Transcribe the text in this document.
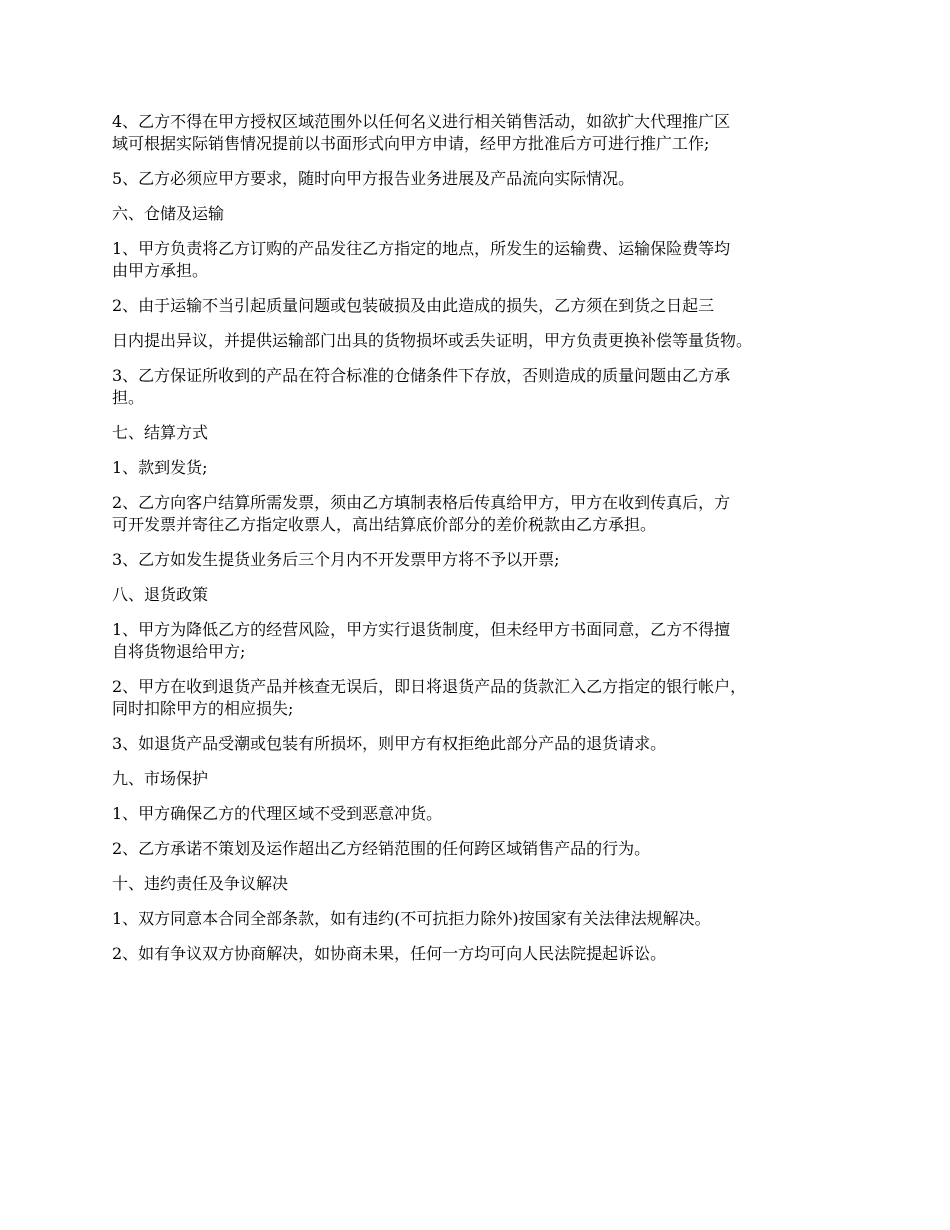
4、乙方不得在甲方授权区域范围外以任何名义进行相关销售活动，如欲扩大代理推广区

域可根据实际销售情况提前以书面形式向甲方申请，经甲方批准后方可进行推广工作;

5、乙方必须应甲方要求，随时向甲方报告业务进展及产品流向实际情况。

六、仓储及运输

1、甲方负责将乙方订购的产品发往乙方指定的地点，所发生的运输费、运输保险费等均

由甲方承担。

2、由于运输不当引起质量问题或包装破损及由此造成的损失，乙方须在到货之日起三

日内提出异议，并提供运输部门出具的货物损坏或丢失证明，甲方负责更换补偿等量货物。

3、乙方保证所收到的产品在符合标准的仓储条件下存放，否则造成的质量问题由乙方承

担。

七、结算方式

1、款到发货;

2、乙方向客户结算所需发票，须由乙方填制表格后传真给甲方，甲方在收到传真后，方

可开发票并寄往乙方指定收票人，高出结算底价部分的差价税款由乙方承担。

3、乙方如发生提货业务后三个月内不开发票甲方将不予以开票;

八、退货政策

1、甲方为降低乙方的经营风险，甲方实行退货制度，但未经甲方书面同意，乙方不得擅

自将货物退给甲方;

2、甲方在收到退货产品并核查无误后，即日将退货产品的货款汇入乙方指定的银行帐户，

同时扣除甲方的相应损失;

3、如退货产品受潮或包装有所损坏，则甲方有权拒绝此部分产品的退货请求。

九、市场保护

1、甲方确保乙方的代理区域不受到恶意冲货。

2、乙方承诺不策划及运作超出乙方经销范围的任何跨区域销售产品的行为。

十、违约责任及争议解决

1、双方同意本合同全部条款，如有违约(不可抗拒力除外)按国家有关法律法规解决。

2、如有争议双方协商解决，如协商未果，任何一方均可向人民法院提起诉讼。
